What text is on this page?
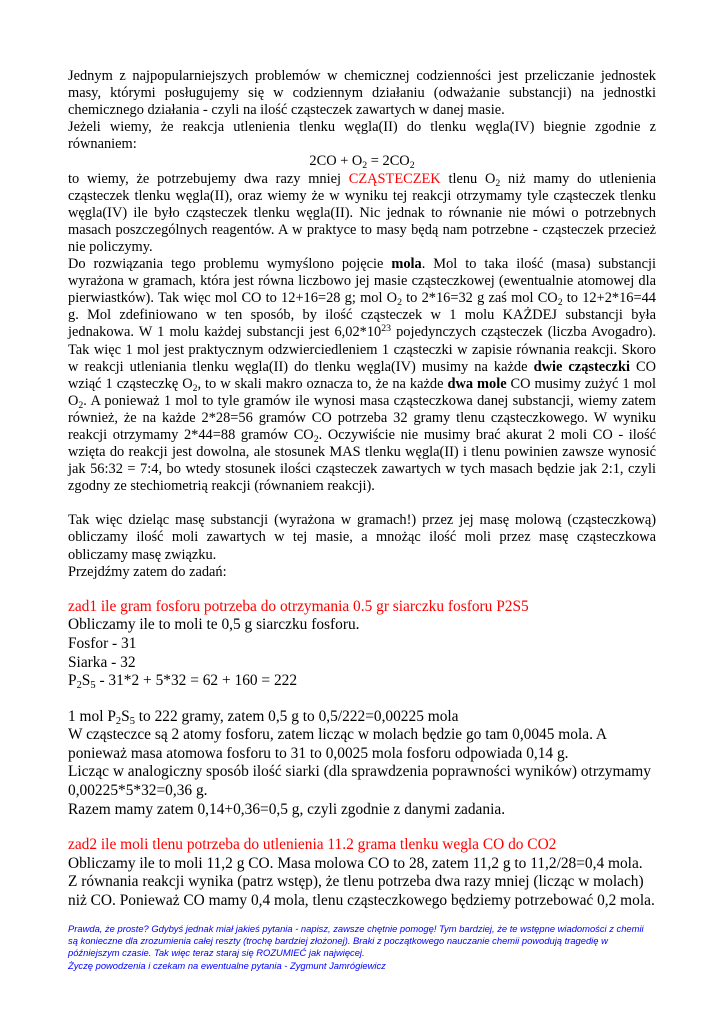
Jednym z najpopularniejszych problemów w chemicznej codzienności jest przeliczanie jednostek masy, którymi posługujemy się w codziennym działaniu (odważanie substancji) na jednostki chemicznego działania - czyli na ilość cząsteczek zawartych w danej masie.

Jeżeli wiemy, że reakcja utlenienia tlenku węgla(II) do tlenku węgla(IV) biegnie zgodnie z równaniem:

$2CO + O_2 = 2CO_2$

to wiemy, że potrzebujemy dwa razy mniej CZĄSTECZEK tlenu $O_2$ niż mamy do utlenienia cząsteczek tlenku węgla(II), oraz wiemy że w wyniku tej reakcji otrzymamy tyle cząsteczek tlenku węgla(IV) ile było cząsteczek tlenku węgla(II). Nic jednak to równanie nie mówi o potrzebnych masach poszczególnych reagentów. A w praktyce to masy będą nam potrzebne - cząsteczek przecież nie policzymy.

Do rozwiązania tego problemu wymyślono pojęcie mola. Mol to taka ilość (masa) substancji wyrażona w gramach, która jest równa liczbowo jej masie cząsteczkowej (ewentualnie atomowej dla pierwiastków). Tak więc mol CO to 12+16=28 g; mol $O_2$ to 2*16=32 g zaś mol $CO_2$ to 12+2*16=44 g. Mol zdefiniowano w ten sposób, by ilość cząsteczek w 1 molu KAŻDEJ substancji była jednakowa. W 1 molu każdej substancji jest $6,02*10^{23}$ pojedynczych cząsteczek (liczba Avogadro). Tak więc 1 mol jest praktycznym odzwierciedleniem 1 cząsteczki w zapisie równania reakcji. Skoro w reakcji utleniania tlenku węgla(II) do tlenku węgla(IV) musimy na każde dwie cząsteczki CO wziąć 1 cząsteczkę $O_2$, to w skali makro oznacza to, że na każde dwa mole CO musimy zużyć 1 mol $O_2$. A ponieważ 1 mol to tyle gramów ile wynosi masa cząsteczkowa danej substancji, wiemy zatem również, że na każde 2*28=56 gramów CO potrzeba 32 gramy tlenu cząsteczkowego. W wyniku reakcji otrzymamy 2*44=88 gramów $CO_2$. Oczywiście nie musimy brać akurat 2 moli CO - ilość wzięta do reakcji jest dowolna, ale stosunek MAS tlenku węgla(II) i tlenu powinien zawsze wynosić jak 56:32 = 7:4, bo wtedy stosunek ilości cząsteczek zawartych w tych masach będzie jak 2:1, czyli zgodny ze stechiometrią reakcji (równaniem reakcji).

Tak więc dzieląc masę substancji (wyrażona w gramach!) przez jej masę molową (cząsteczkową) obliczamy ilość moli zawartych w tej masie, a mnożąc ilość moli przez masę cząsteczkowa obliczamy masę związku.

Przejdźmy zatem do zadań:

zad1 ile gram fosforu potrzeba do otrzymania 0.5 gr siarczku fosforu P2S5

Obliczamy ile to moli te 0,5 g siarczku fosforu.

Fosfor - 31

Siarka - 32

$P_2S_5 - 31*2 + 5*32 = 62 + 160 = 222$

1 mol $P_2S_5$ to 222 gramy, zatem 0,5 g to 0,5/222=0,00225 mola

W cząsteczce są 2 atomy fosforu, zatem licząc w molach będzie go tam 0,0045 mola. A ponieważ masa atomowa fosforu to 31 to 0,0025 mola fosforu odpowiada 0,14 g.

Licząc w analogiczny sposób ilość siarki (dla sprawdzenia poprawności wyników) otrzymamy 0,00225*5*32=0,36 g.

Razem mamy zatem 0,14+0,36=0,5 g, czyli zgodnie z danymi zadania.

zad2 ile moli tlenu potrzeba do utlenienia 11.2 grama tlenku wegla CO do CO2

Obliczamy ile to moli 11,2 g CO. Masa molowa CO to 28, zatem 11,2 g to 11,2/28=0,4 mola.

Z równania reakcji wynika (patrz wstęp), że tlenu potrzeba dwa razy mniej (licząc w molach) niż CO. Ponieważ CO mamy 0,4 mola, tlenu cząsteczkowego będziemy potrzebować 0,2 mola.

Prawda, że proste? Gdybyś jednak miał jakieś pytania - napisz, zawsze chętnie pomogę! Tym bardziej, że te wstępne wiadomości z chemii są konieczne dla zrozumienia całej reszty (trochę bardziej złożonej). Braki z początkowego nauczanie chemii powodują tragedię w późniejszym czasie. Tak więc teraz staraj się ROZUMIEĆ jak najwięcej.

Życzę powodzenia i czekam na ewentualne pytania - Zygmunt Jamrógiewicz
